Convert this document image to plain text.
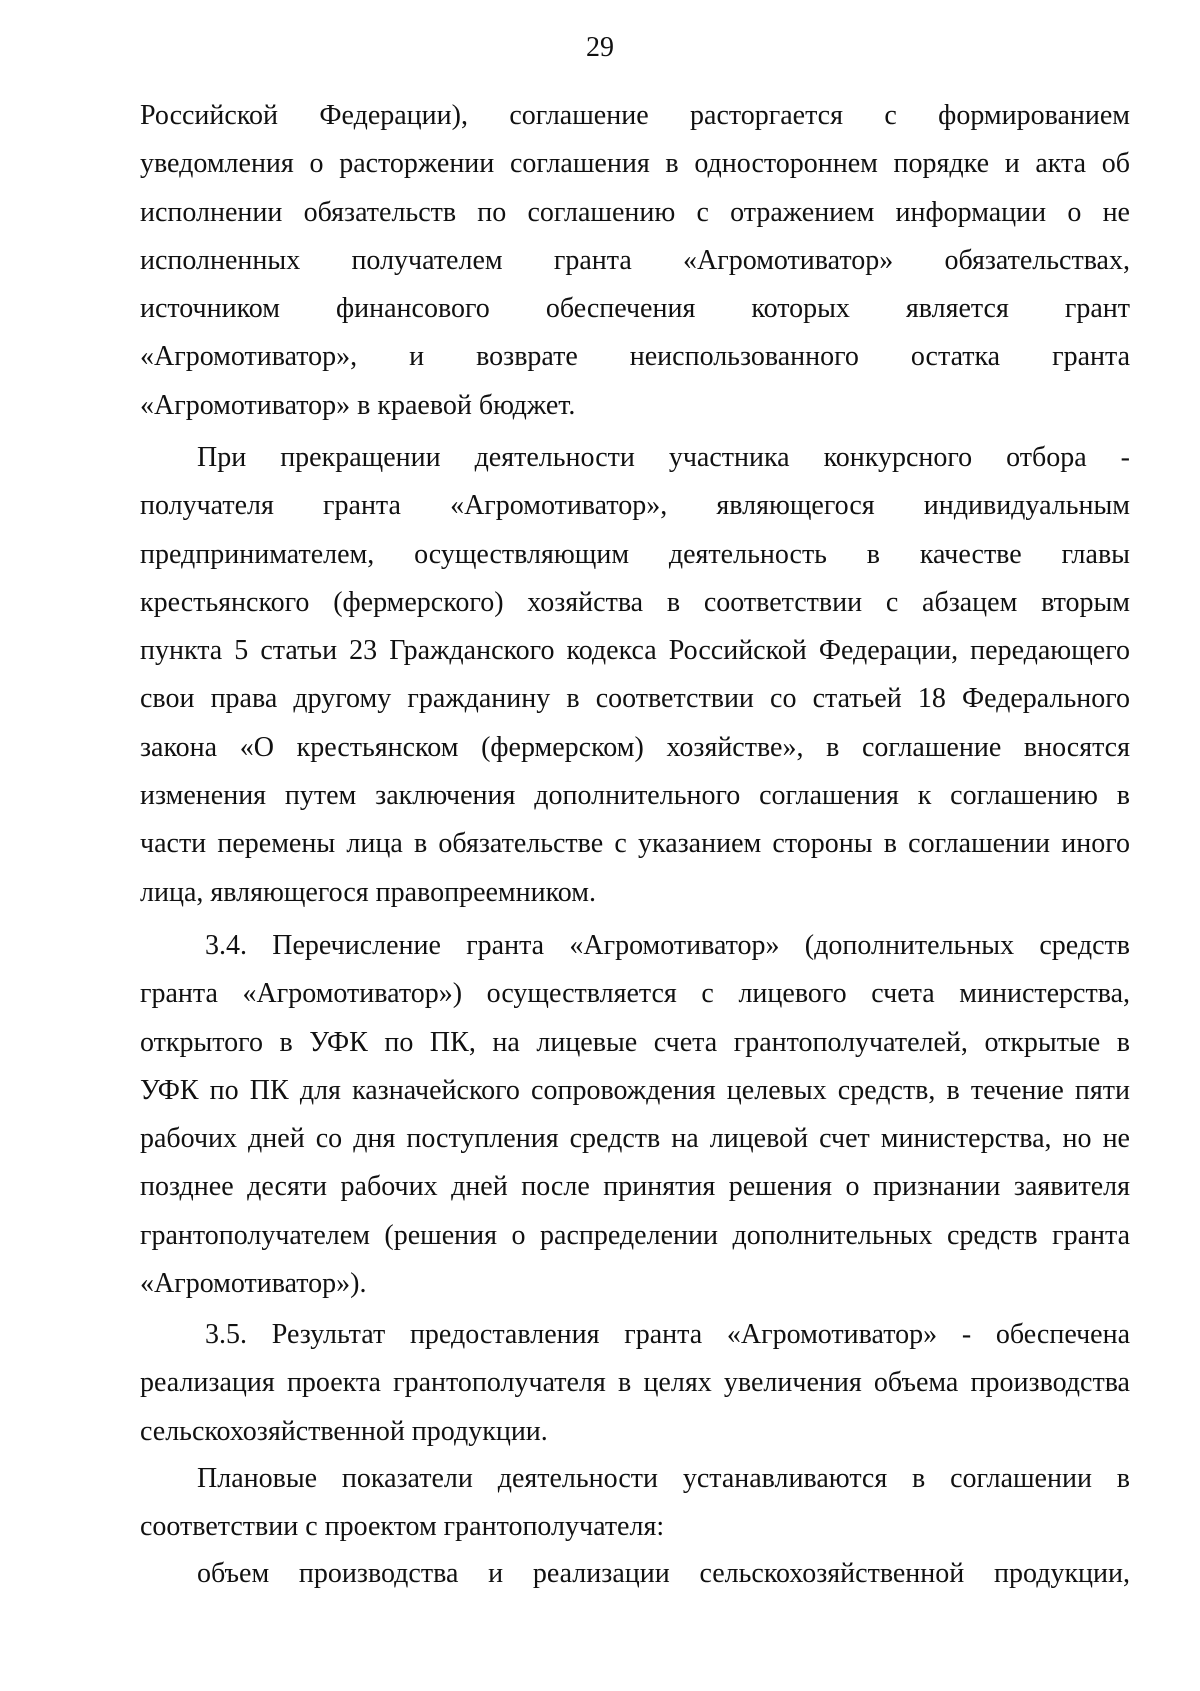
29
Российской Федерации), соглашение расторгается с формированием
уведомления о расторжении соглашения в одностороннем порядке и акта об
исполнении обязательств по соглашению с отражением информации о не
исполненных получателем гранта «Агромотиватор» обязательствах,
источником финансового обеспечения которых является грант
«Агромотиватор», и возврате неиспользованного остатка гранта
«Агромотиватор» в краевой бюджет.
При прекращении деятельности участника конкурсного отбора -
получателя гранта «Агромотиватор», являющегося индивидуальным
предпринимателем, осуществляющим деятельность в качестве главы
крестьянского (фермерского) хозяйства в соответствии с абзацем вторым
пункта 5 статьи 23 Гражданского кодекса Российской Федерации, передающего
свои права другому гражданину в соответствии со статьей 18 Федерального
закона «О крестьянском (фермерском) хозяйстве», в соглашение вносятся
изменения путем заключения дополнительного соглашения к соглашению в
части перемены лица в обязательстве с указанием стороны в соглашении иного
лица, являющегося правопреемником.
3.4. Перечисление гранта «Агромотиватор» (дополнительных средств
гранта «Агромотиватор») осуществляется с лицевого счета министерства,
открытого в УФК по ПК, на лицевые счета грантополучателей, открытые в
УФК по ПК для казначейского сопровождения целевых средств, в течение пяти
рабочих дней со дня поступления средств на лицевой счет министерства, но не
позднее десяти рабочих дней после принятия решения о признании заявителя
грантополучателем (решения о распределении дополнительных средств гранта
«Агромотиватор»).
3.5. Результат предоставления гранта «Агромотиватор» - обеспечена
реализация проекта грантополучателя в целях увеличения объема производства
сельскохозяйственной продукции.
Плановые показатели деятельности устанавливаются в соглашении в
соответствии с проектом грантополучателя:
объем производства и реализации сельскохозяйственной продукции,
